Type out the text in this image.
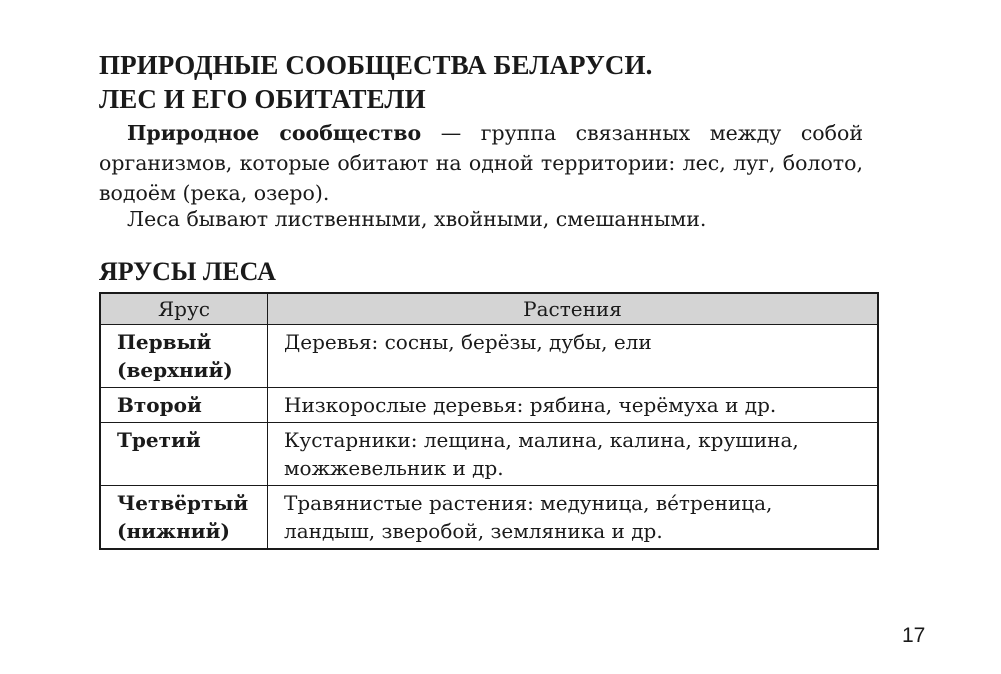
ПРИРОДНЫЕ СООБЩЕСТВА БЕЛАРУСИ.
ЛЕС И ЕГО ОБИТАТЕЛИ
Природное сообщество — группа связанных между собой организмов, которые обитают на одной территории: лес, луг, болото, водоём (река, озеро).
Леса бывают лиственными, хвойными, смешанными.
ЯРУСЫ ЛЕСА
Ярус	Растения
Первый (верхний)	Деревья: сосны, берёзы, дубы, ели
Второй	Низкорослые деревья: рябина, черёмуха и др.
Третий	Кустарники: лещина, малина, калина, крушина, можжевельник и др.
Четвёртый (нижний)	Травянистые растения: медуница, ве́треница, ландыш, зверобой, земляника и др.
17
